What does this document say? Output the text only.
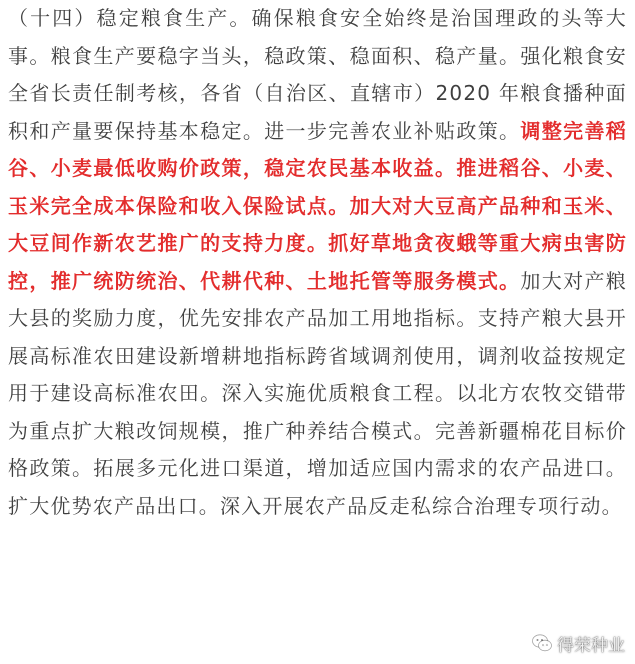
（十四）稳定粮食生产。确保粮食安全始终是治国理政的头等大事。粮食生产要稳字当头，稳政策、稳面积、稳产量。强化粮食安全省长责任制考核，各省（自治区、直辖市）2020 年粮食播种面积和产量要保持基本稳定。进一步完善农业补贴政策。调整完善稻谷、小麦最低收购价政策，稳定农民基本收益。推进稻谷、小麦、玉米完全成本保险和收入保险试点。加大对大豆高产品种和玉米、大豆间作新农艺推广的支持力度。抓好草地贪夜蛾等重大病虫害防控，推广统防统治、代耕代种、土地托管等服务模式。加大对产粮大县的奖励力度，优先安排农产品加工用地指标。支持产粮大县开展高标准农田建设新增耕地指标跨省域调剂使用，调剂收益按规定用于建设高标准农田。深入实施优质粮食工程。以北方农牧交错带为重点扩大粮改饲规模，推广种养结合模式。完善新疆棉花目标价格政策。拓展多元化进口渠道，增加适应国内需求的农产品进口。扩大优势农产品出口。深入开展农产品反走私综合治理专项行动。

得荣种业
